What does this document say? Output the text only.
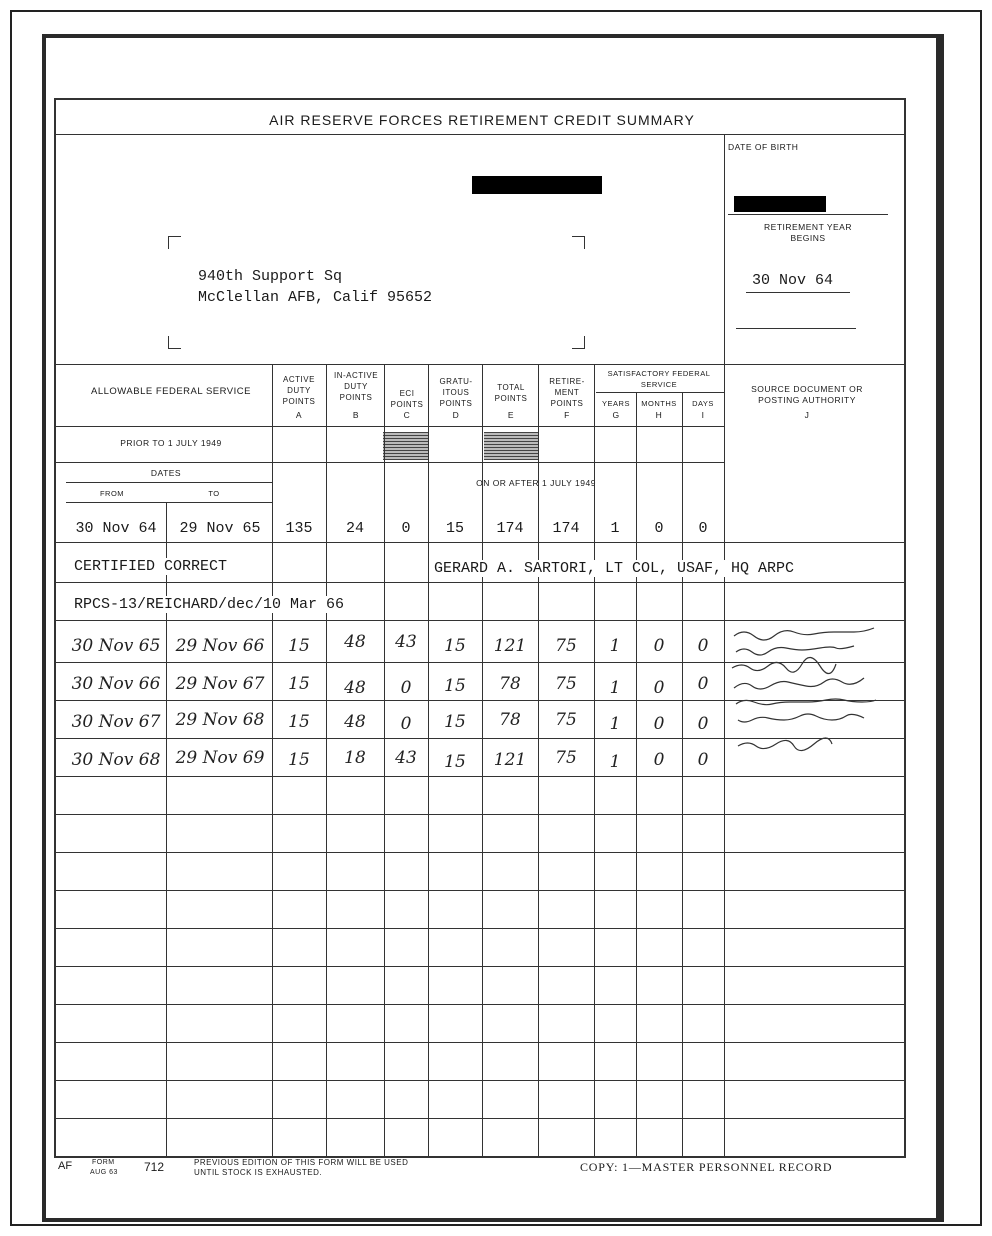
AIR RESERVE FORCES RETIREMENT CREDIT SUMMARY
940th Support Sq
McClellan AFB, Calif 95652
DATE OF BIRTH
RETIREMENT YEAR BEGINS
30 Nov 64
ALLOWABLE FEDERAL SERVICE
ACTIVE DUTY POINTS
IN-ACTIVE DUTY POINTS	ECI POINTS
GRATU-ITOUS POINTS
TOTAL POINTS
RETIRE-MENT POINTS
SATISFACTORY FEDERAL SERVICE
YEARS	MONTHS	DAYS
SOURCE DOCUMENT OR POSTING AUTHORITY
A	B	C	D	E	F	G	H	I	J
PRIOR TO 1 JULY 1949
DATES
FROM	TO
ON OR AFTER 1 JULY 1949
30 Nov 64	29 Nov 65	135	24	0	15	174	174	1	0	0
CERTIFIED CORRECT	GERARD A. SARTORI, LT COL, USAF, HQ ARPC
RPCS-13/REICHARD/dec/10 Mar 66
30 Nov 65 29 Nov 66	15	48	43	15	121	75	1	0	0
30 Nov 66 29 Nov 67	15	48	0	15	78	75	1	0	0
30 Nov 67 29 Nov 68	15	48	0	15	78	75	1	0	0
30 Nov 68 29 Nov 69	15	18	43	15	121	75	1	0	0
AF	FORM
AUG 63 712	PREVIOUS EDITION OF THIS FORM WILL BE USED UNTIL STOCK IS EXHAUSTED.	COPY: 1—MASTER PERSONNEL RECORD
